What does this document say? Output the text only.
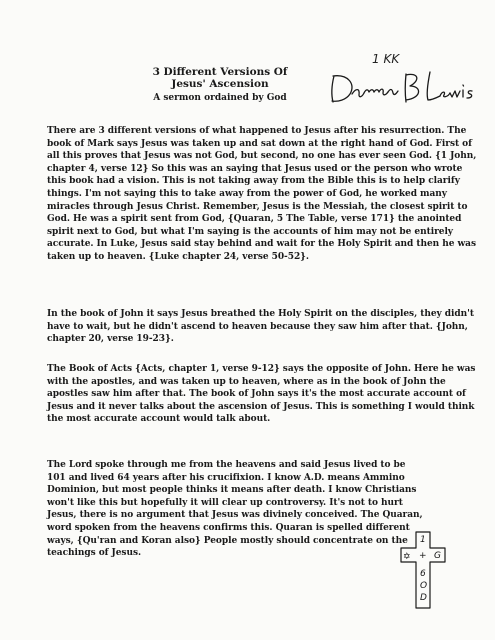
3 Different Versions Of
Jesus' Ascension
A sermon ordained by God
1 KK

There are 3 different versions of what happened to Jesus after his resurrection. The book of Mark says Jesus was taken up and sat down at the right hand of God. First of all this proves that Jesus was not God, but second, no one has ever seen God. {1 John, chapter 4, verse 12} So this was an saying that Jesus used or the person who wrote this book had a vision. This is not taking away from the Bible this is to help clarify things. I'm not saying this to take away from the power of God, he worked many miracles through Jesus Christ. Remember, Jesus is the Messiah, the closest spirit to God. He was a spirit sent from God, {Quaran, 5 The Table, verse 171} the anointed spirit next to God, but what I'm saying is the accounts of him may not be entirely accurate. In Luke, Jesus said stay behind and wait for the Holy Spirit and then he was taken up to heaven. {Luke chapter 24, verse 50-52}.

In the book of John it says Jesus breathed the Holy Spirit on the disciples, they didn't have to wait, but he didn't ascend to heaven because they saw him after that. {John, chapter 20, verse 19-23}.

The Book of Acts {Acts, chapter 1, verse 9-12} says the opposite of John. Here he was with the apostles, and was taken up to heaven, where as in the book of John the apostles saw him after that. The book of John says it's the most accurate account of Jesus and it never talks about the ascension of Jesus. This is something I would think the most accurate account would talk about.

The Lord spoke through me from the heavens and said Jesus lived to be 101 and lived 64 years after his crucifixion. I know A.D. means Ammino Dominion, but most people thinks it means after death. I know Christians won't like this but hopefully it will clear up controversy. It's not to hurt Jesus, there is no argument that Jesus was divinely conceived. The Quaran, word spoken from the heavens confirms this. Quaran is spelled different ways, {Qu'ran and Koran also} People mostly should concentrate on the teachings of Jesus.

1
✡ + G
6
O
D
